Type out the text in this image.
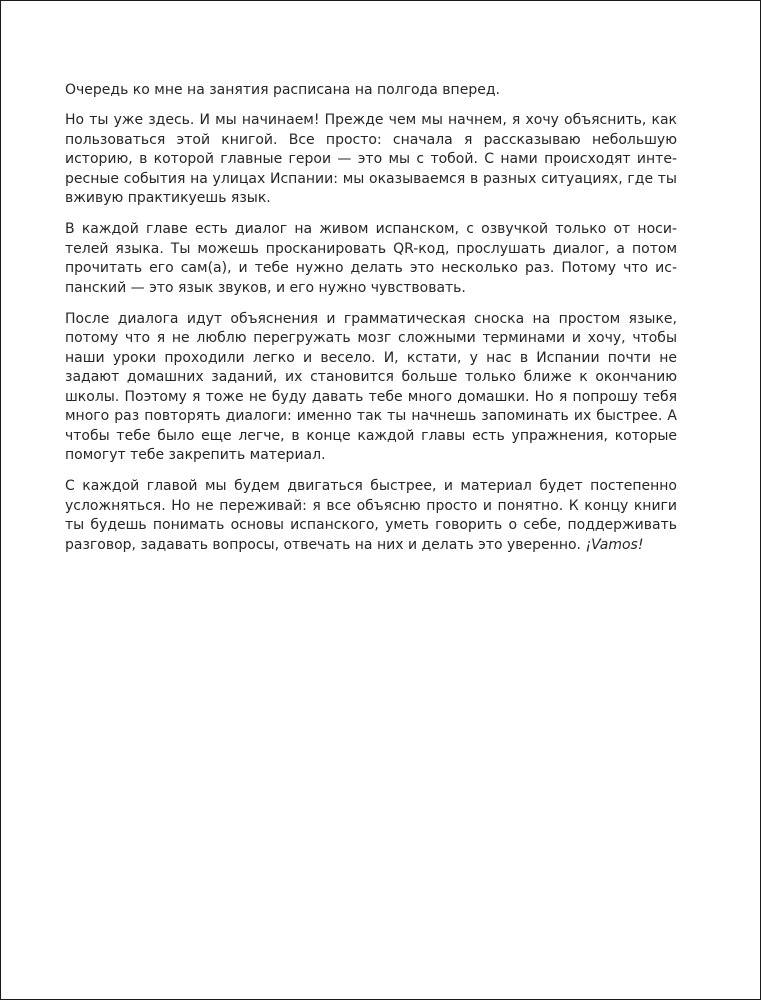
Очередь ко мне на занятия расписана на полгода вперед.

Но ты уже здесь. И мы начинаем! Прежде чем мы начнем, я хочу объяснить, как пользоваться этой книгой. Все просто: сначала я рассказываю небольшую историю, в которой главные герои — это мы с тобой. С нами происходят интересные события на улицах Испании: мы оказываемся в разных ситуациях, где ты вживую практикуешь язык.

В каждой главе есть диалог на живом испанском, с озвучкой только от носителей языка. Ты можешь просканировать QR-код, прослушать диалог, а потом прочитать его сам(а), и тебе нужно делать это несколько раз. Потому что испанский — это язык звуков, и его нужно чувствовать.

После диалога идут объяснения и грамматическая сноска на простом языке, потому что я не люблю перегружать мозг сложными терминами и хочу, чтобы наши уроки проходили легко и весело. И, кстати, у нас в Испании почти не задают домашних заданий, их становится больше только ближе к окончанию школы. Поэтому я тоже не буду давать тебе много домашки. Но я попрошу тебя много раз повторять диалоги: именно так ты начнешь запоминать их быстрее. А чтобы тебе было еще легче, в конце каждой главы есть упражнения, которые помогут тебе закрепить материал.

С каждой главой мы будем двигаться быстрее, и материал будет постепенно усложняться. Но не переживай: я все объясню просто и понятно. К концу книги ты будешь понимать основы испанского, уметь говорить о себе, поддерживать разговор, задавать вопросы, отвечать на них и делать это уверенно. ¡Vamos!
